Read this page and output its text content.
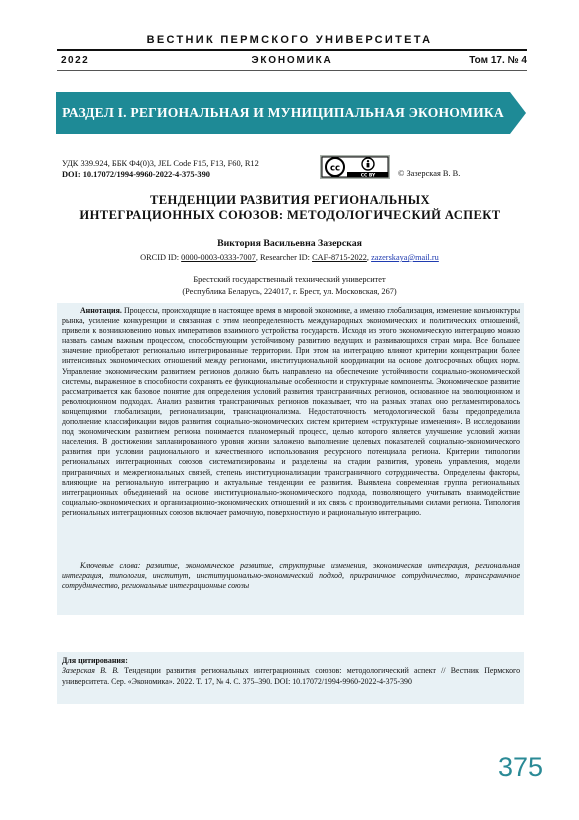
ВЕСТНИК ПЕРМСКОГО УНИВЕРСИТЕТА
ЭКОНОМИКА
2022	Том 17. № 4
РАЗДЕЛ I. РЕГИОНАЛЬНАЯ И МУНИЦИПАЛЬНАЯ ЭКОНОМИКА
УДК 339.924, ББК Ф4(0)3, JEL Code F15, F13, F60, R12
DOI: 10.17072/1994-9960-2022-4-375-390
cc
CC BY	© Зазерская В. В.
ТЕНДЕНЦИИ РАЗВИТИЯ РЕГИОНАЛЬНЫХ
ИНТЕГРАЦИОННЫХ СОЮЗОВ: МЕТОДОЛОГИЧЕСКИЙ АСПЕКТ
Виктория Васильевна Зазерская
ORCID ID: 0000-0003-0333-7007, Researcher ID: CAF-8715-2022, zazerskaya@mail.ru
Брестский государственный технический университет
(Республика Беларусь, 224017, г. Брест, ул. Московская, 267)
Аннотация. Процессы, происходящие в настоящее время в мировой экономике, а именно глобализация, изменение конъюнктуры рынка, усиление конкуренции и связанная с этим неопределенность международных экономических и политических отношений, привели к возникновению новых императивов взаимного устройства государств. Исходя из этого экономическую интеграцию можно назвать самым важным процессом, способствующим устойчивому развитию ведущих и развивающихся стран мира. Все большее значение приобретают регионально интегрированные территории. При этом на интеграцию влияют критерии концентрации более интенсивных экономических отношений между регионами, институциональной координации на основе долгосрочных общих норм. Управление экономическим развитием регионов должно быть направлено на обеспечение устойчивости социально-экономической системы, выраженное в способности сохранять ее функциональные особенности и структурные компоненты. Экономическое развитие рассматривается как базовое понятие для определения условий развития трансграничных регионов, основанное на эволюционном и революционном подходах. Анализ развития трансграничных регионов показывает, что на разных этапах оно регламентировалось концепциями глобализации, регионализации, транснационализма. Недостаточность методологической базы предопределила дополнение классификации видов развития социально-экономических систем критерием «структурные изменения». В исследовании под экономическим развитием региона понимается планомерный процесс, целью которого является улучшение условий жизни населения. В достижении запланированного уровня жизни заложено выполнение целевых показателей социально-экономического развития при условии рационального и качественного использования ресурсного потенциала региона. Критерии типологии региональных интеграционных союзов систематизированы и разделены на стадии развития, уровень управления, модели приграничных и межрегиональных связей, степень институционализации трансграничного сотрудничества. Определены факторы, влияющие на региональную интеграцию и актуальные тенденции ее развития. Выявлена современная группа региональных интеграционных объединений на основе институционально-экономического подхода, позволяющего учитывать взаимодействие социально-экономических и организационно-экономических отношений и их связь с производительными силами региона. Типология региональных интеграционных союзов включает рамочную, поверхностную и рациональную интеграцию.
Ключевые слова: развитие, экономическое развитие, структурные изменения, экономическая интеграция, региональная интеграция, типология, институт, институционально-экономический подход, приграничное сотрудничество, трансграничное сотрудничество, региональные интеграционные союзы
Для цитирования:
Зазерская В. В. Тенденции развития региональных интеграционных союзов: методологический аспект // Вестник Пермского университета. Сер. «Экономика». 2022. Т. 17, № 4. С. 375–390. DOI: 10.17072/1994-9960-2022-4-375-390
375
